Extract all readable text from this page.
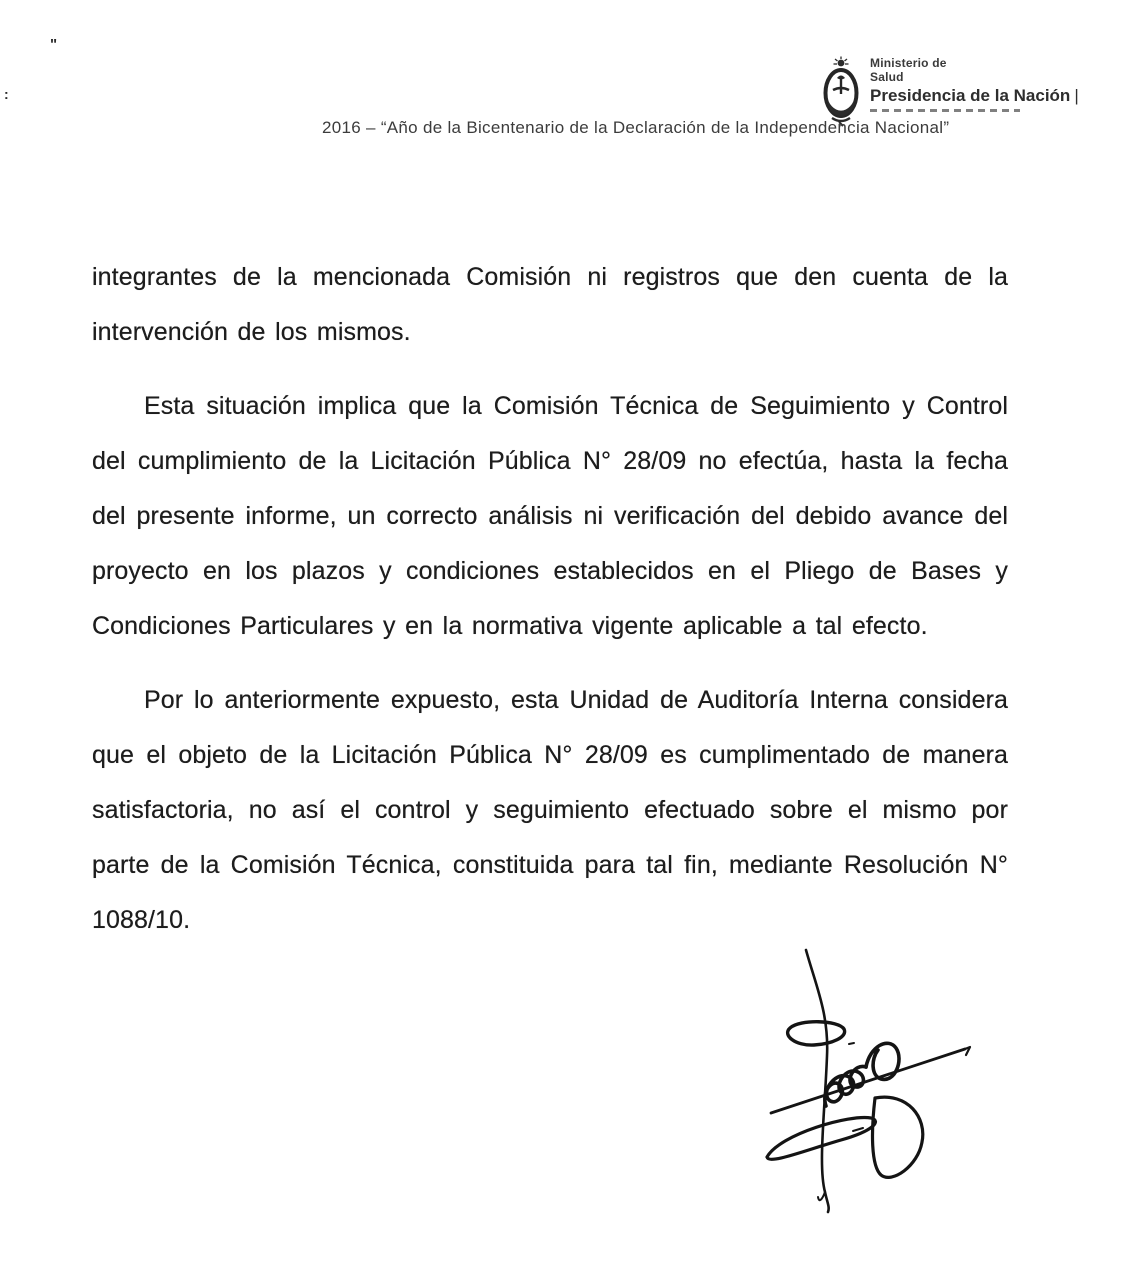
"
:
Ministerio de
Salud
Presidencia de la Nación |
2016 – “Año de la Bicentenario de la Declaración de la Independencia Nacional”

integrantes de la mencionada Comisión ni registros que den cuenta de la intervención de los mismos.

Esta situación implica que la Comisión Técnica de Seguimiento y Control del cumplimiento de la Licitación Pública N° 28/09 no efectúa, hasta la fecha del presente informe, un correcto análisis ni verificación del debido avance del proyecto en los plazos y condiciones establecidos en el Pliego de Bases y Condiciones Particulares y en la normativa vigente aplicable a tal efecto.

Por lo anteriormente expuesto, esta Unidad de Auditoría Interna considera que el objeto de la Licitación Pública N° 28/09 es cumplimentado de manera satisfactoria, no así el control y seguimiento efectuado sobre el mismo por parte de la Comisión Técnica, constituida para tal fin, mediante Resolución N° 1088/10.
